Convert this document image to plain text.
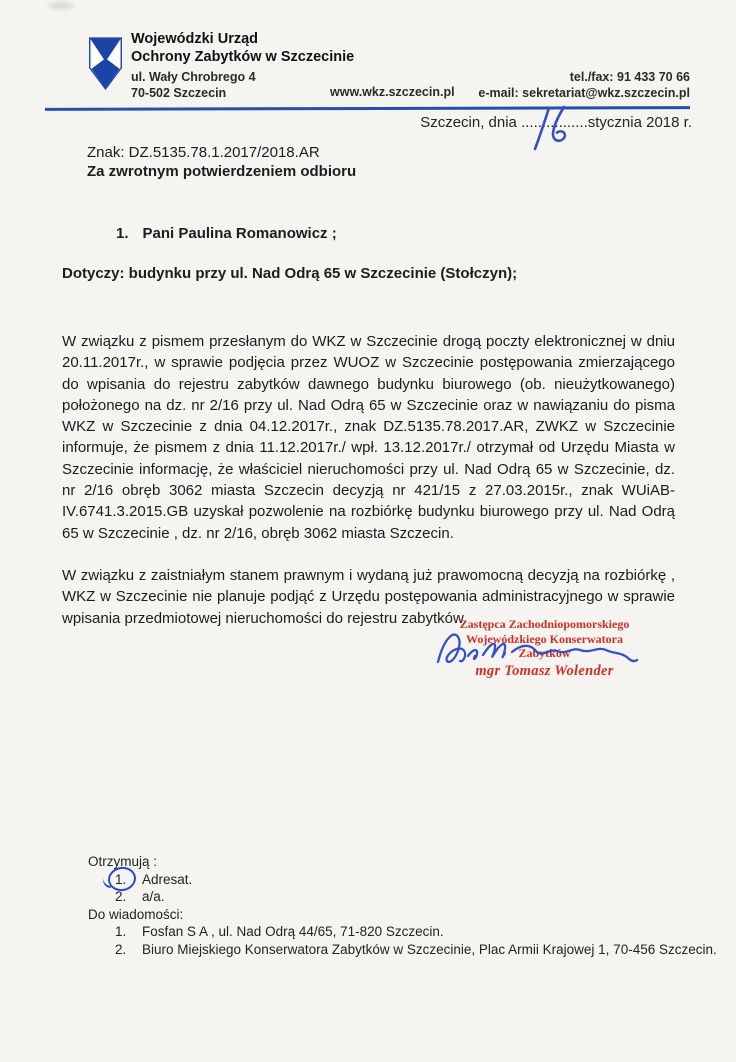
Wojewódzki Urząd
Ochrony Zabytków w Szczecinie
ul. Wały Chrobrego 4
70-502 Szczecin	www.wkz.szczecin.pl
tel./fax: 91 433 70 66
e-mail: sekretariat@wkz.szczecin.pl
Szczecin, dnia ................stycznia 2018 r.
Znak: DZ.5135.78.1.2017/2018.AR
Za zwrotnym potwierdzeniem odbioru
1. Pani Paulina Romanowicz ;
Dotyczy: budynku przy ul. Nad Odrą 65 w Szczecinie (Stołczyn);

W związku z pismem przesłanym do WKZ w Szczecinie drogą poczty elektronicznej w dniu 20.11.2017r., w sprawie podjęcia przez WUOZ w Szczecinie postępowania zmierzającego do wpisania do rejestru zabytków dawnego budynku biurowego (ob. nieużytkowanego) położonego na dz. nr 2/16 przy ul. Nad Odrą 65 w Szczecinie oraz w nawiązaniu do pisma WKZ w Szczecinie z dnia 04.12.2017r., znak DZ.5135.78.2017.AR, ZWKZ w Szczecinie informuje, że pismem z dnia 11.12.2017r./ wpł. 13.12.2017r./ otrzymał od Urzędu Miasta w Szczecinie informację, że właściciel nieruchomości przy ul. Nad Odrą 65 w Szczecinie, dz. nr 2/16 obręb 3062 miasta Szczecin decyzją nr 421/15 z 27.03.2015r., znak WUiAB-IV.6741.3.2015.GB uzyskał pozwolenie na rozbiórkę budynku biurowego przy ul. Nad Odrą 65 w Szczecinie , dz. nr 2/16, obręb 3062 miasta Szczecin.

W związku z zaistniałym stanem prawnym i wydaną już prawomocną decyzją na rozbiórkę , WKZ w Szczecinie nie planuje podjąć z Urzędu postępowania administracyjnego w sprawie wpisania przedmiotowej nieruchomości do rejestru zabytków.

Zastępca Zachodniopomorskiego
Wojewódzkiego Konserwatora
Zabytków
mgr Tomasz Wolender
Otrzymują :
1. Adresat.
2. a/a.
Do wiadomości:
1. Fosfan S A , ul. Nad Odrą 44/65, 71-820 Szczecin.
2. Biuro Miejskiego Konserwatora Zabytków w Szczecinie, Plac Armii Krajowej 1, 70-456 Szczecin.
